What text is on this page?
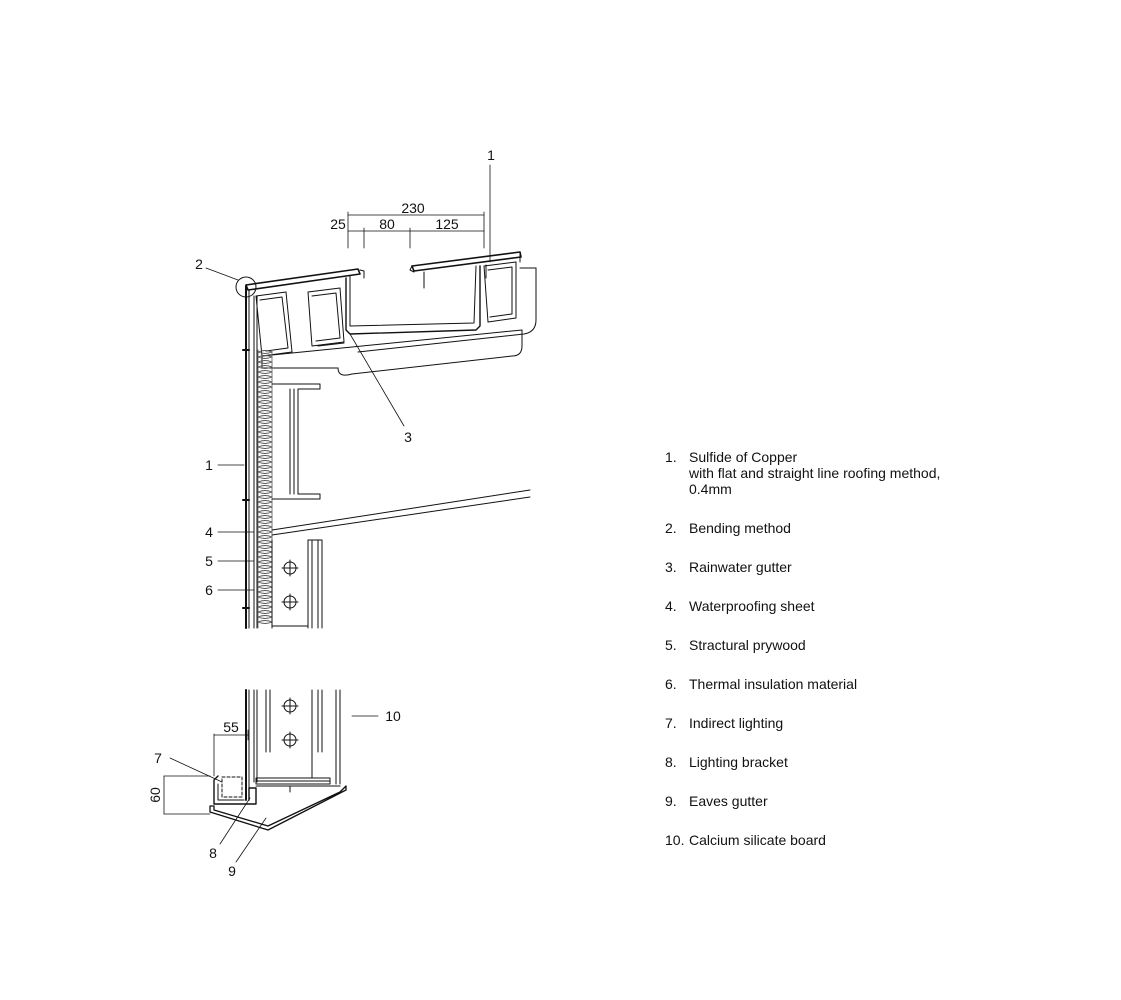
230
25 80	125
55
60
1
2
3
1
4
5
6
7
8
9
10
1. Sulfide of Copper
with flat and straight line roofing method,
0.4mm
2. Bending method
3. Rainwater gutter
4. Waterproofing sheet
5. Stractural prywood
6. Thermal insulation material
7. Indirect lighting
8. Lighting bracket
9. Eaves gutter
10. Calcium silicate board
